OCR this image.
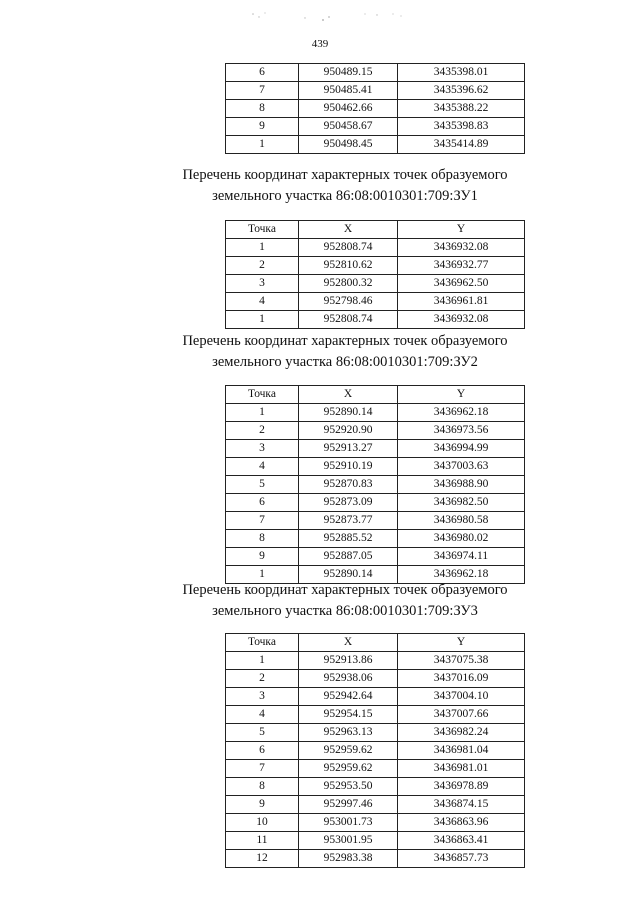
439
6	950489.15	3435398.01
7	950485.41	3435396.62
8	950462.66	3435388.22
9	950458.67	3435398.83
1	950498.45	3435414.89
Перечень координат характерных точек образуемого
земельного участка 86:08:0010301:709:ЗУ1
Точка	X	Y
1	952808.74	3436932.08
2	952810.62	3436932.77
3	952800.32	3436962.50
4	952798.46	3436961.81
1	952808.74	3436932.08
Перечень координат характерных точек образуемого
земельного участка 86:08:0010301:709:ЗУ2
Точка	X	Y
1	952890.14	3436962.18
2	952920.90	3436973.56
3	952913.27	3436994.99
4	952910.19	3437003.63
5	952870.83	3436988.90
6	952873.09	3436982.50
7	952873.77	3436980.58
8	952885.52	3436980.02
9	952887.05	3436974.11
1	952890.14	3436962.18
Перечень координат характерных точек образуемого
земельного участка 86:08:0010301:709:ЗУ3
Точка	X	Y
1	952913.86	3437075.38
2	952938.06	3437016.09
3	952942.64	3437004.10
4	952954.15	3437007.66
5	952963.13	3436982.24
6	952959.62	3436981.04
7	952959.62	3436981.01
8	952953.50	3436978.89
9	952997.46	3436874.15
10	953001.73	3436863.96
11	953001.95	3436863.41
12	952983.38	3436857.73
